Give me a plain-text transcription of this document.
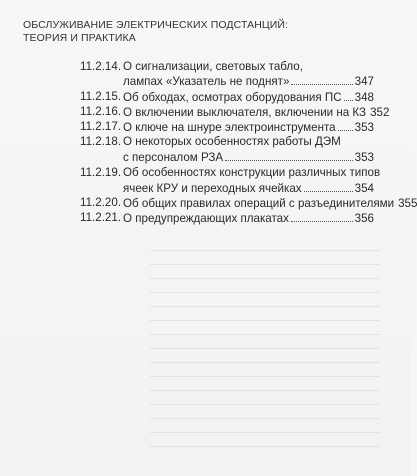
ОБСЛУЖИВАНИЕ ЭЛЕКТРИЧЕСКИХ ПОДСТАНЦИЙ:
ТЕОРИЯ И ПРАКТИКА
11.2.14. О сигнализации, световых табло,
лампах «Указатель не поднят»	347
11.2.15. Об обходах, осмотрах оборудования ПС 348
11.2.16. О включении выключателя, включении на КЗ 352
11.2.17. О ключе на шнуре электроинструмента 353
11.2.18. О некоторых особенностях работы ДЭМ
с персоналом РЗА	353
11.2.19. Об особенностях конструкции различных типов
ячеек КРУ и переходных ячейках	354
11.2.20. Об общих правилах операций с разъединителями 355
11.2.21. О предупреждающих плакатах	356
